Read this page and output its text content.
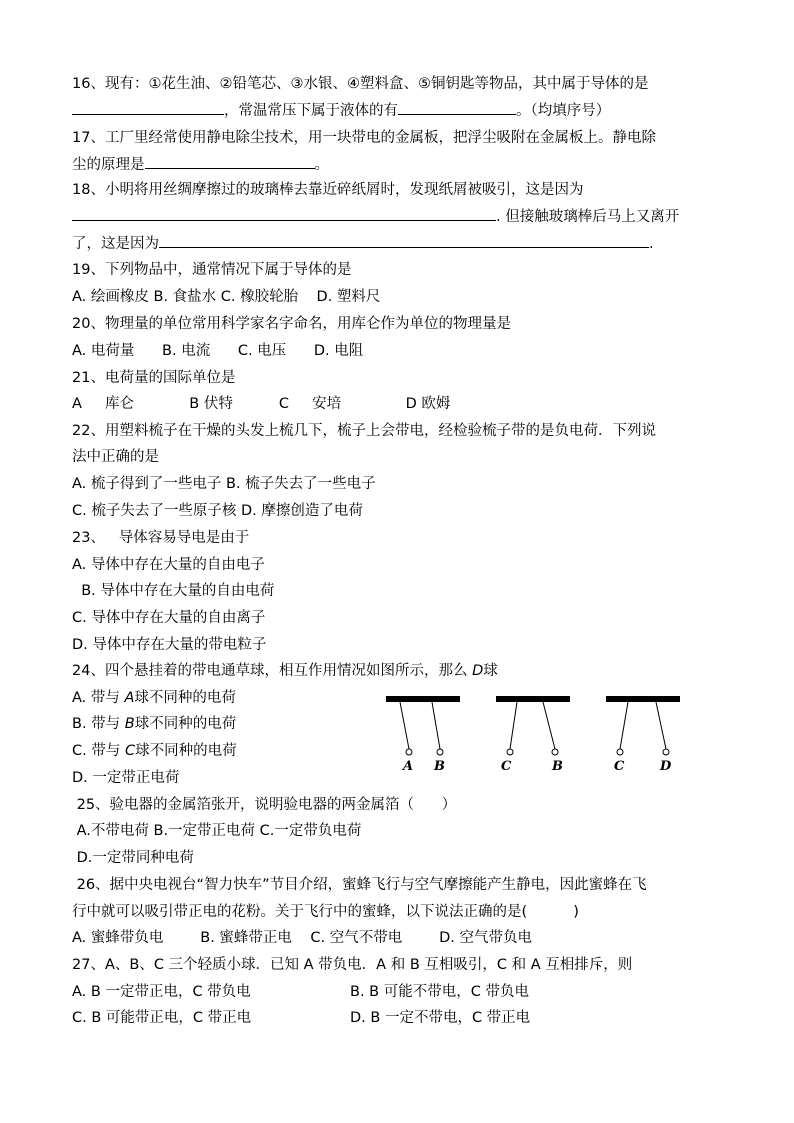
16、现有：①花生油、②铅笔芯、③水银、④塑料盒、⑤铜钥匙等物品，其中属于导体的是
，常温常压下属于液体的有	。（均填序号）
17、工厂里经常使用静电除尘技术，用一块带电的金属板，把浮尘吸附在金属板上。静电除
尘的原理是	。
18、小明将用丝绸摩擦过的玻璃棒去靠近碎纸屑时，发现纸屑被吸引，这是因为
. 但接触玻璃棒后马上又离开
了，这是因为	.
19、下列物品中，通常情况下属于导体的是
A. 绘画橡皮 B. 食盐水 C. 橡胶轮胎    D. 塑料尺
20、物理量的单位常用科学家名字命名，用库仑作为单位的物理量是
A. 电荷量      B. 电流      C. 电压      D. 电阻
21、电荷量的国际单位是
A     库仑            B 伏特          C     安培              D 欧姆
22、用塑料梳子在干燥的头发上梳几下，梳子上会带电，经检验梳子带的是负电荷．下列说
法中正确的是
A. 梳子得到了一些电子 B. 梳子失去了一些电子
C. 梳子失去了一些原子核 D. 摩擦创造了电荷
23、   导体容易导电是由于
A. 导体中存在大量的自由电子
B. 导体中存在大量的自由电荷
C. 导体中存在大量的自由离子
D. 导体中存在大量的带电粒子
24、四个悬挂着的带电通草球，相互作用情况如图所示，那么 D球
A. 带与 A球不同种的电荷
B. 带与 B球不同种的电荷
C. 带与 C球不同种的电荷
D. 一定带正电荷
A B	C	B	C	D
25、验电器的金属箔张开，说明验电器的两金属箔（      ）
A.不带电荷 B.一定带正电荷 C.一定带负电荷
D.一定带同种电荷
26、据中央电视台“智力快车”节目介绍，蜜蜂飞行与空气摩擦能产生静电，因此蜜蜂在飞
行中就可以吸引带正电的花粉。关于飞行中的蜜蜂，以下说法正确的是(          )
A. 蜜蜂带负电        B. 蜜蜂带正电    C. 空气不带电        D. 空气带负电
27、A、B、C 三个轻质小球．已知 A 带负电．A 和 B 互相吸引，C 和 A 互相排斥，则
A. B 一定带正电，C 带负电	B. B 可能不带电，C 带负电
C. B 可能带正电，C 带正电	D. B 一定不带电，C 带正电
